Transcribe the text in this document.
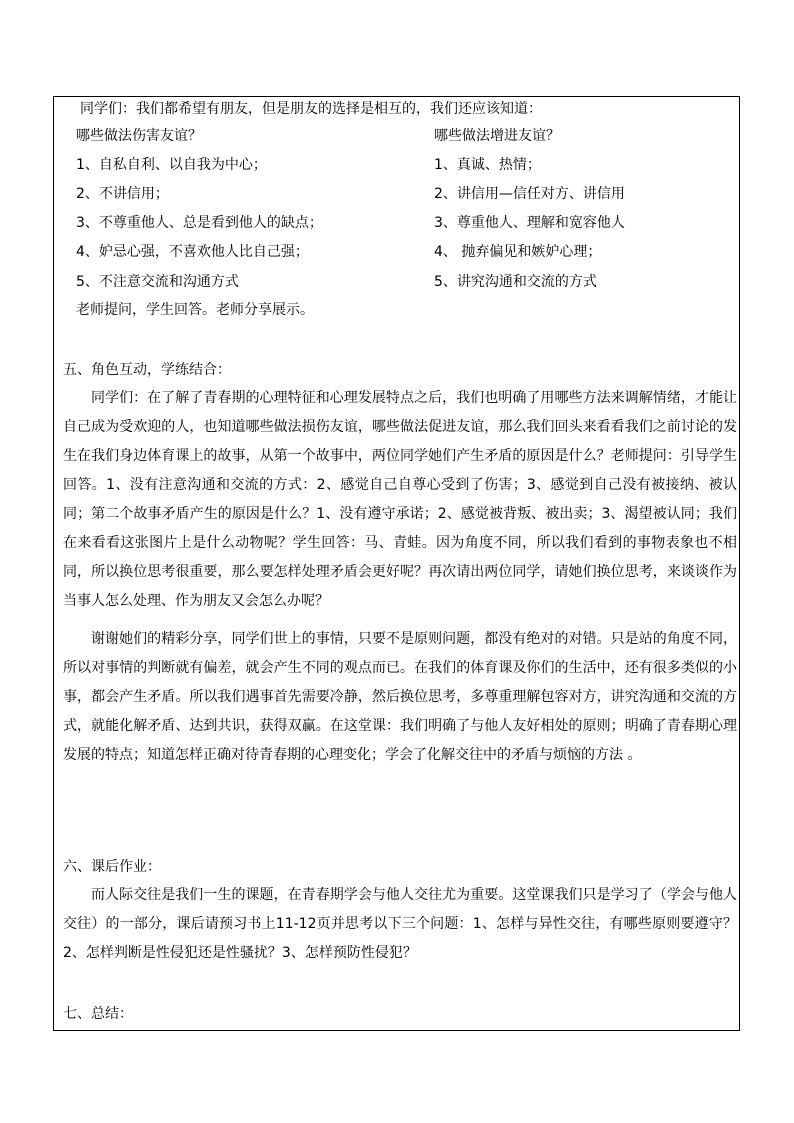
同学们：我们都希望有朋友，但是朋友的选择是相互的，我们还应该知道：
哪些做法伤害友谊？	哪些做法增进友谊？
1、自私自利、以自我为中心；
2、不讲信用；
3、不尊重他人、总是看到他人的缺点；
4、妒忌心强，不喜欢他人比自己强；
5、不注意交流和沟通方式
1、真诚、热情；
2、讲信用—信任对方、讲信用
3、尊重他人、理解和宽容他人
4、 抛弃偏见和嫉妒心理；
5、讲究沟通和交流的方式
老师提问，学生回答。老师分享展示。
五、角色互动，学练结合：
同学们：在了解了青春期的心理特征和心理发展特点之后，我们也明确了用哪些方法来调解情绪，才能让自己成为受欢迎的人，也知道哪些做法损伤友谊，哪些做法促进友谊，那么我们回头来看看我们之前讨论的发生在我们身边体育课上的故事，从第一个故事中，两位同学她们产生矛盾的原因是什么？老师提问：引导学生回答。1、没有注意沟通和交流的方式：2、感觉自己自尊心受到了伤害；3、感觉到自己没有被接纳、被认同；第二个故事矛盾产生的原因是什么？1、没有遵守承诺；2、感觉被背叛、被出卖；3、渴望被认同；我们在来看看这张图片上是什么动物呢？学生回答：马、青蛙。因为角度不同，所以我们看到的事物表象也不相同，所以换位思考很重要，那么要怎样处理矛盾会更好呢？再次请出两位同学，请她们换位思考，来谈谈作为当事人怎么处理、作为朋友又会怎么办呢？
谢谢她们的精彩分享，同学们世上的事情，只要不是原则问题，都没有绝对的对错。只是站的角度不同，所以对事情的判断就有偏差，就会产生不同的观点而已。在我们的体育课及你们的生活中，还有很多类似的小事，都会产生矛盾。所以我们遇事首先需要冷静，然后换位思考，多尊重理解包容对方，讲究沟通和交流的方式，就能化解矛盾、达到共识，获得双赢。在这堂课：我们明确了与他人友好相处的原则；明确了青春期心理发展的特点；知道怎样正确对待青春期的心理变化；学会了化解交往中的矛盾与烦恼的方法 。
六、课后作业：
而人际交往是我们一生的课题，在青春期学会与他人交往尤为重要。这堂课我们只是学习了（学会与他人交往）的一部分，课后请预习书上11-12页并思考以下三个问题：1、怎样与异性交往，有哪些原则要遵守？ 2、怎样判断是性侵犯还是性骚扰？3、怎样预防性侵犯？
七、总结：
